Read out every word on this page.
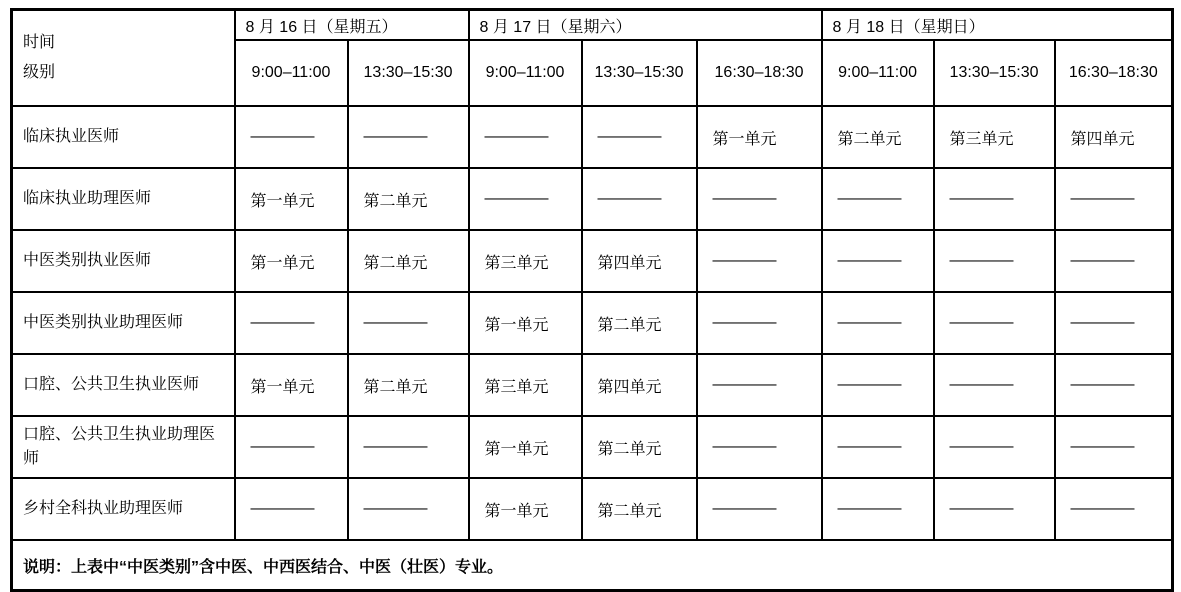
时间
级别	8 月 16 日（星期五）		8 月 17 日（星期六）			8 月 18 日（星期日）		
	9:00–11:00	13:30–15:30	9:00–11:00	13:30–15:30	16:30–18:30	9:00–11:00	13:30–15:30	16:30–18:30
临床执业医师	————	————	————	————	第一单元	第二单元	第三单元	第四单元
临床执业助理医师	第一单元	第二单元	————	————	————	————	————	————
中医类别执业医师	第一单元	第二单元	第三单元	第四单元	————	————	————	————
中医类别执业助理医师	————	————	第一单元	第二单元	————	————	————	————
口腔、公共卫生执业医师	第一单元	第二单元	第三单元	第四单元	————	————	————	————
口腔、公共卫生执业助理医师	————	————	第一单元	第二单元	————	————	————	————
乡村全科执业助理医师	————	————	第一单元	第二单元	————	————	————	————
说明：上表中“中医类别”含中医、中西医结合、中医（壮医）专业。								
